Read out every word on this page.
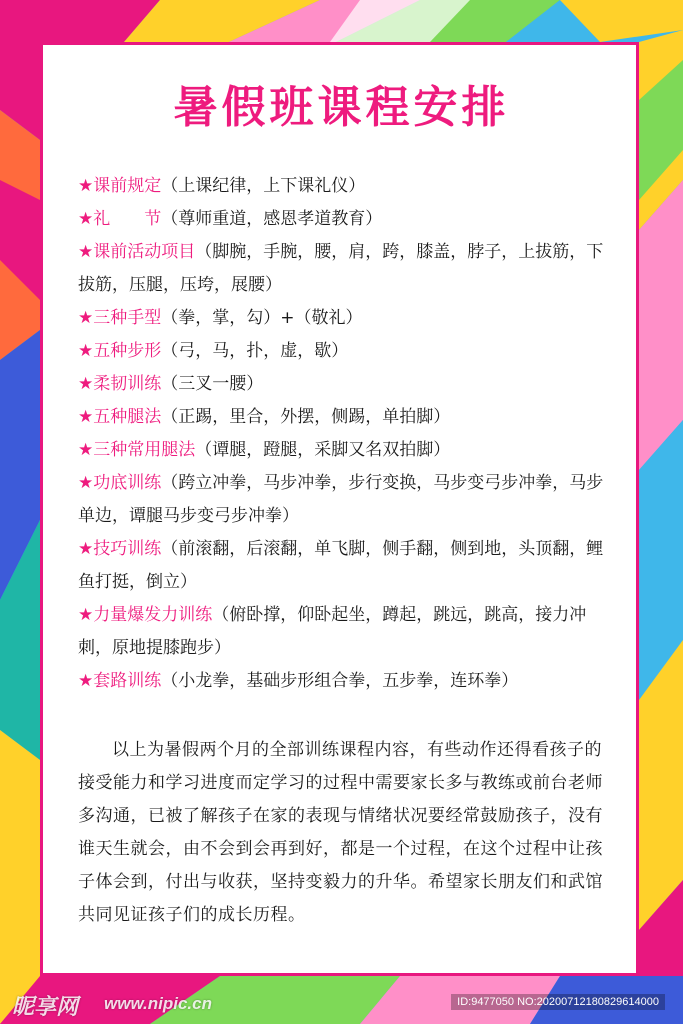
暑假班课程安排
★课前规定（上课纪律，上下课礼仪）
★礼　　节（尊师重道，感恩孝道教育）
★课前活动项目（脚腕，手腕，腰，肩，跨，膝盖，脖子，上拔筋，下拔筋，压腿，压垮，展腰）
★三种手型（拳，掌，勾）+（敬礼）
★五种步形（弓，马，扑，虚，歇）
★柔韧训练（三叉一腰）
★五种腿法（正踢，里合，外摆，侧踢，单拍脚）
★三种常用腿法（谭腿，蹬腿，采脚又名双拍脚）
★功底训练（跨立冲拳，马步冲拳，步行变换，马步变弓步冲拳，马步单边，谭腿马步变弓步冲拳）
★技巧训练（前滚翻，后滚翻，单飞脚，侧手翻，侧到地，头顶翻，鲤鱼打挺，倒立）
★力量爆发力训练（俯卧撑，仰卧起坐，蹲起，跳远，跳高，接力冲刺，原地提膝跑步）
★套路训练（小龙拳，基础步形组合拳，五步拳，连环拳）

以上为暑假两个月的全部训练课程内容，有些动作还得看孩子的接受能力和学习进度而定学习的过程中需要家长多与教练或前台老师多沟通，已被了解孩子在家的表现与情绪状况要经常鼓励孩子，没有谁天生就会，由不会到会再到好，都是一个过程，在这个过程中让孩子体会到，付出与收获，坚持变毅力的升华。希望家长朋友们和武馆共同见证孩子们的成长历程。

昵享网 www.nipic.cn	ID:9477050 NO:20200712180829614000
